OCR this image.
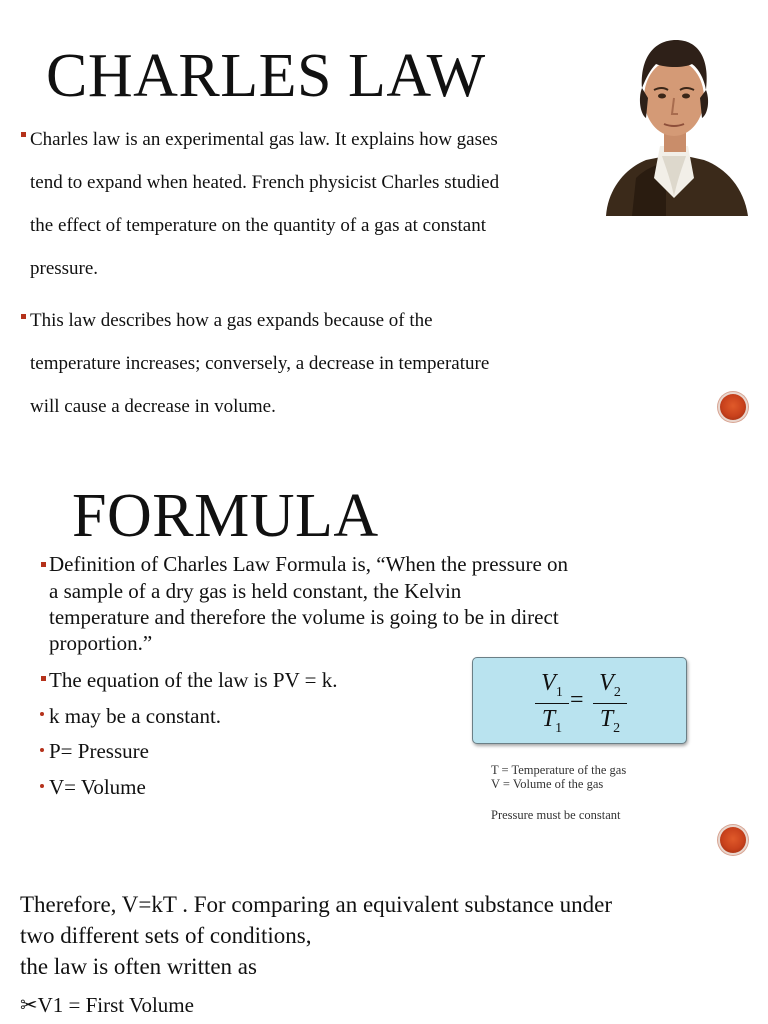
CHARLES LAW
Charles law is an experimental gas law. It explains how gases
tend to expand when heated. French physicist Charles studied
the effect of temperature on the quantity of a gas at constant
pressure.
This law describes how a gas expands because of the
temperature increases; conversely, a decrease in temperature
will cause a decrease in volume.
FORMULA
Definition of Charles Law Formula is, “When the pressure on
a sample of a dry gas is held constant, the Kelvin
temperature and therefore the volume is going to be in direct
proportion.”
The equation of the law is PV = k.
k may be a constant.
P= Pressure
V= Volume
$V_1$
$T_1$
=
$V_2$
$T_2$
T = Temperature of the gas
V = Volume of the gas
Pressure must be constant
Therefore, V=kT . For comparing an equivalent substance under
two different sets of conditions,
the law is often written as
✂V1 = First Volume
